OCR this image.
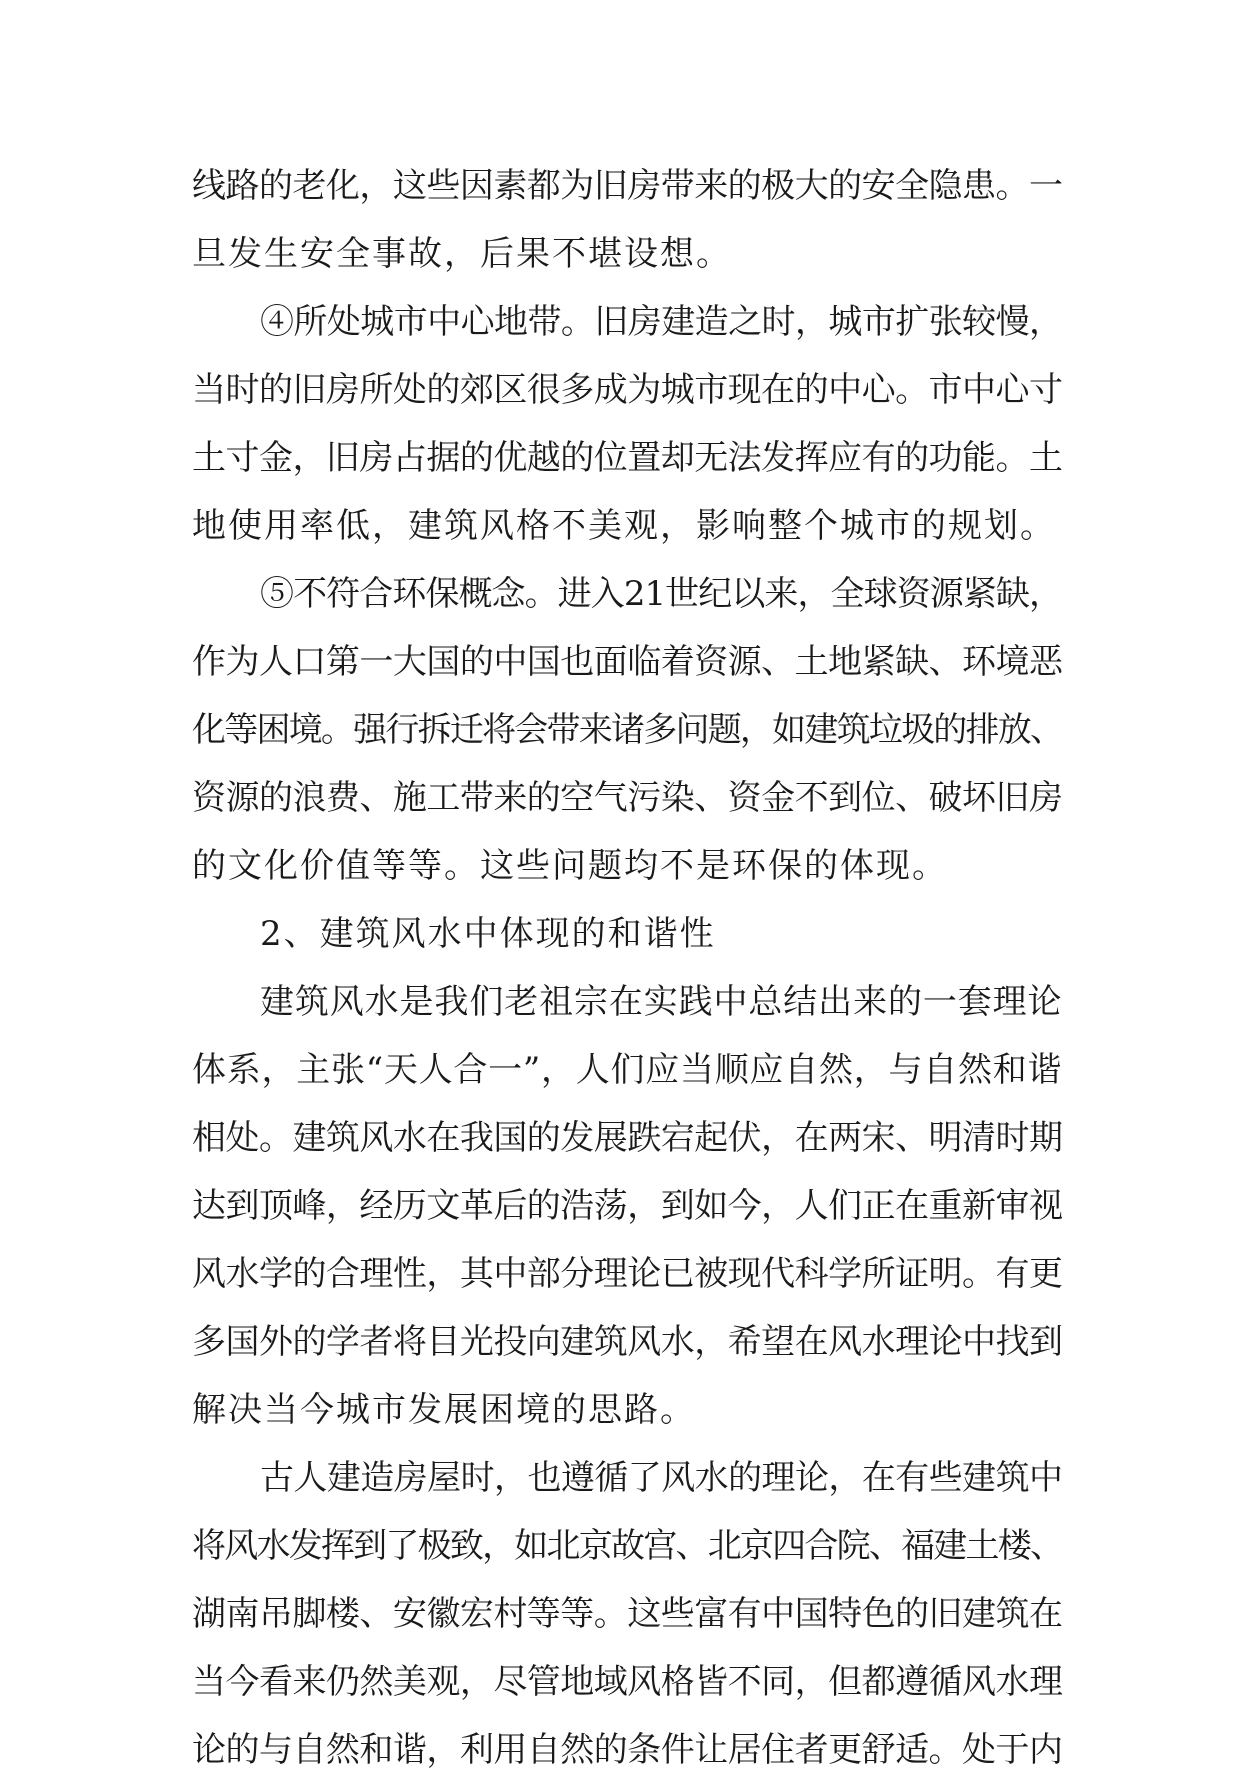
线路的老化，这些因素都为旧房带来的极大的安全隐患。一
旦发生安全事故，后果不堪设想。
④所处城市中心地带。旧房建造之时，城市扩张较慢，
当时的旧房所处的郊区很多成为城市现在的中心。市中心寸
土寸金，旧房占据的优越的位置却无法发挥应有的功能。土
地使用率低，建筑风格不美观，影响整个城市的规划。
⑤不符合环保概念。进入21世纪以来，全球资源紧缺，
作为人口第一大国的中国也面临着资源、土地紧缺、环境恶
化等困境。强行拆迁将会带来诸多问题，如建筑垃圾的排放、
资源的浪费、施工带来的空气污染、资金不到位、破坏旧房
的文化价值等等。这些问题均不是环保的体现。
2、建筑风水中体现的和谐性
建筑风水是我们老祖宗在实践中总结出来的一套理论
体系，主张“天人合一”，人们应当顺应自然，与自然和谐
相处。建筑风水在我国的发展跌宕起伏，在两宋、明清时期
达到顶峰，经历文革后的浩荡，到如今，人们正在重新审视
风水学的合理性，其中部分理论已被现代科学所证明。有更
多国外的学者将目光投向建筑风水，希望在风水理论中找到
解决当今城市发展困境的思路。
古人建造房屋时，也遵循了风水的理论，在有些建筑中
将风水发挥到了极致，如北京故宫、北京四合院、福建土楼、
湖南吊脚楼、安徽宏村等等。这些富有中国特色的旧建筑在
当今看来仍然美观，尽管地域风格皆不同，但都遵循风水理
论的与自然和谐，利用自然的条件让居住者更舒适。处于内
